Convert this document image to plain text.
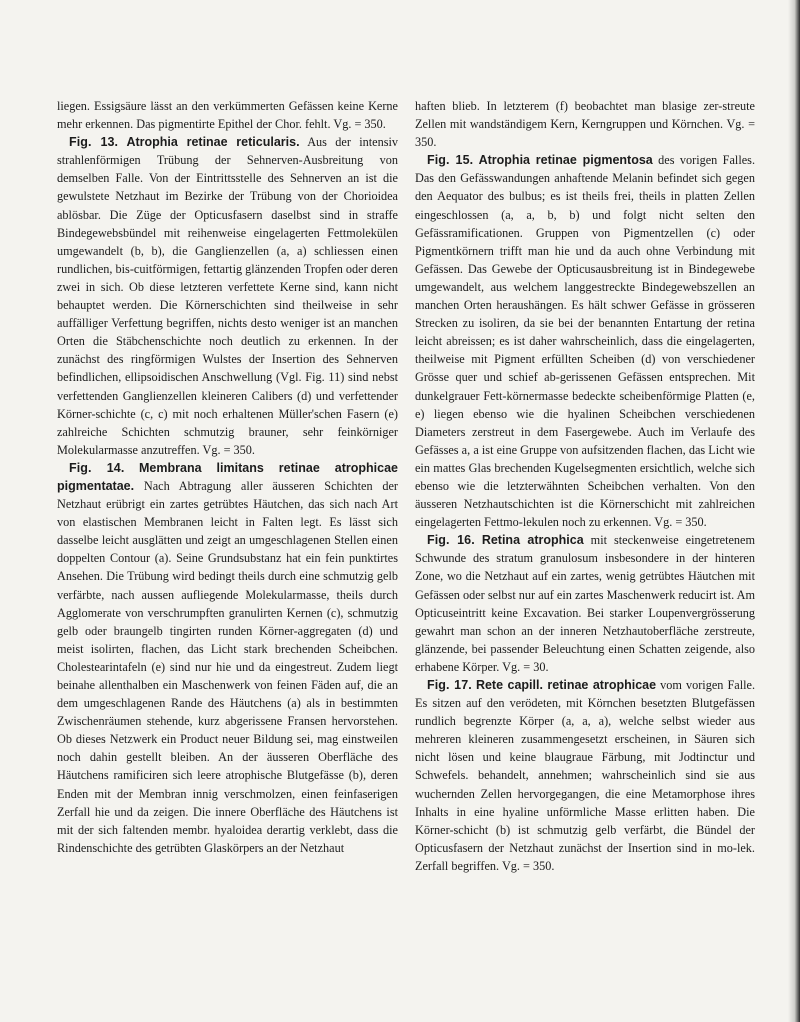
liegen. Essigsäure lässt an den verkümmerten Gefässen keine Kerne mehr erkennen. Das pigmentirte Epithel der Chor. fehlt. Vg. = 350.

Fig. 13. Atrophia retinae reticularis. Aus der intensiv strahlenförmigen Trübung der Sehnerven-Ausbreitung von demselben Falle. Von der Eintrittsstelle des Sehnerven an ist die gewulstete Netzhaut im Bezirke der Trübung von der Chorioidea ablösbar. Die Züge der Opticusfasern daselbst sind in straffe Bindegewebsbündel mit reihenweise eingelagerten Fettmolekülen umgewandelt (b, b), die Ganglienzellen (a, a) schliessen einen rundlichen, bis-cuitförmigen, fettartig glänzenden Tropfen oder deren zwei in sich. Ob diese letzteren verfettete Kerne sind, kann nicht behauptet werden. Die Körnerschichten sind theilweise in sehr auffälliger Verfettung begriffen, nichts desto weniger ist an manchen Orten die Stäbchenschichte noch deutlich zu erkennen. In der zunächst des ringförmigen Wulstes der Insertion des Sehnerven befindlichen, ellipsoidischen Anschwellung (Vgl. Fig. 11) sind nebst verfettenden Ganglienzellen kleineren Calibers (d) und verfettender Körner-schichte (c, c) mit noch erhaltenen Müller'schen Fasern (e) zahlreiche Schichten schmutzig brauner, sehr feinkörniger Molekularmasse anzutreffen. Vg. = 350.

Fig. 14. Membrana limitans retinae atrophicae pigmentatae. Nach Abtragung aller äusseren Schichten der Netzhaut erübrigt ein zartes getrübtes Häutchen, das sich nach Art von elastischen Membranen leicht in Falten legt. Es lässt sich dasselbe leicht ausglätten und zeigt an umgeschlagenen Stellen einen doppelten Contour (a). Seine Grundsubstanz hat ein fein punktirtes Ansehen. Die Trübung wird bedingt theils durch eine schmutzig gelb verfärbte, nach aussen aufliegende Molekularmasse, theils durch Agglomerate von verschrumpften granulirten Kernen (c), schmutzig gelb oder braungelb tingirten runden Körner-aggregaten (d) und meist isolirten, flachen, das Licht stark brechenden Scheibchen. Cholestearintafeln (e) sind nur hie und da eingestreut. Zudem liegt beinahe allenthalben ein Maschenwerk von feinen Fäden auf, die an dem umgeschlagenen Rande des Häutchens (a) als in bestimmten Zwischenräumen stehende, kurz abgerissene Fransen hervorstehen. Ob dieses Netzwerk ein Product neuer Bildung sei, mag einstweilen noch dahin gestellt bleiben. An der äusseren Oberfläche des Häutchens ramificiren sich leere atrophische Blutgefässe (b), deren Enden mit der Membran innig verschmolzen, einen feinfaserigen Zerfall hie und da zeigen. Die innere Oberfläche des Häutchens ist mit der sich faltenden membr. hyaloidea derartig verklebt, dass die Rindenschichte des getrübten Glaskörpers an der Netzhaut

haften blieb. In letzterem (f) beobachtet man blasige zer-streute Zellen mit wandständigem Kern, Kerngruppen und Körnchen. Vg. = 350.

Fig. 15. Atrophia retinae pigmentosa des vorigen Falles. Das den Gefässwandungen anhaftende Melanin befindet sich gegen den Aequator des bulbus; es ist theils frei, theils in platten Zellen eingeschlossen (a, a, b, b) und folgt nicht selten den Gefässramificationen. Gruppen von Pigmentzellen (c) oder Pigmentkörnern trifft man hie und da auch ohne Verbindung mit Gefässen. Das Gewebe der Opticusausbreitung ist in Bindegewebe umgewandelt, aus welchem langgestreckte Bindegewebszellen an manchen Orten heraushängen. Es hält schwer Gefässe in grösseren Strecken zu isoliren, da sie bei der benannten Entartung der retina leicht abreissen; es ist daher wahrscheinlich, dass die eingelagerten, theilweise mit Pigment erfüllten Scheiben (d) von verschiedener Grösse quer und schief ab-gerissenen Gefässen entsprechen. Mit dunkelgrauer Fett-körnermasse bedeckte scheibenförmige Platten (e, e) liegen ebenso wie die hyalinen Scheibchen verschiedenen Diameters zerstreut in dem Fasergewebe. Auch im Verlaufe des Gefässes a, a ist eine Gruppe von aufsitzenden flachen, das Licht wie ein mattes Glas brechenden Kugelsegmenten ersichtlich, welche sich ebenso wie die letzterwähnten Scheibchen verhalten. Von den äusseren Netzhautschichten ist die Körnerschicht mit zahlreichen eingelagerten Fettmo-lekulen noch zu erkennen. Vg. = 350.

Fig. 16. Retina atrophica mit steckenweise eingetretenem Schwunde des stratum granulosum insbesondere in der hinteren Zone, wo die Netzhaut auf ein zartes, wenig getrübtes Häutchen mit Gefässen oder selbst nur auf ein zartes Maschenwerk reducirt ist. Am Opticuseintritt keine Excavation. Bei starker Loupenvergrösserung gewahrt man schon an der inneren Netzhautoberfläche zerstreute, glänzende, bei passender Beleuchtung einen Schatten zeigende, also erhabene Körper. Vg. = 30.

Fig. 17. Rete capill. retinae atrophicae vom vorigen Falle. Es sitzen auf den verödeten, mit Körnchen besetzten Blutgefässen rundlich begrenzte Körper (a, a, a), welche selbst wieder aus mehreren kleineren zusammengesetzt erscheinen, in Säuren sich nicht lösen und keine blaugraue Färbung, mit Jodtinctur und Schwefels. behandelt, annehmen; wahrscheinlich sind sie aus wuchernden Zellen hervorgegangen, die eine Metamorphose ihres Inhalts in eine hyaline unförmliche Masse erlitten haben. Die Körner-schicht (b) ist schmutzig gelb verfärbt, die Bündel der Opticusfasern der Netzhaut zunächst der Insertion sind in mo-lek. Zerfall begriffen. Vg. = 350.
